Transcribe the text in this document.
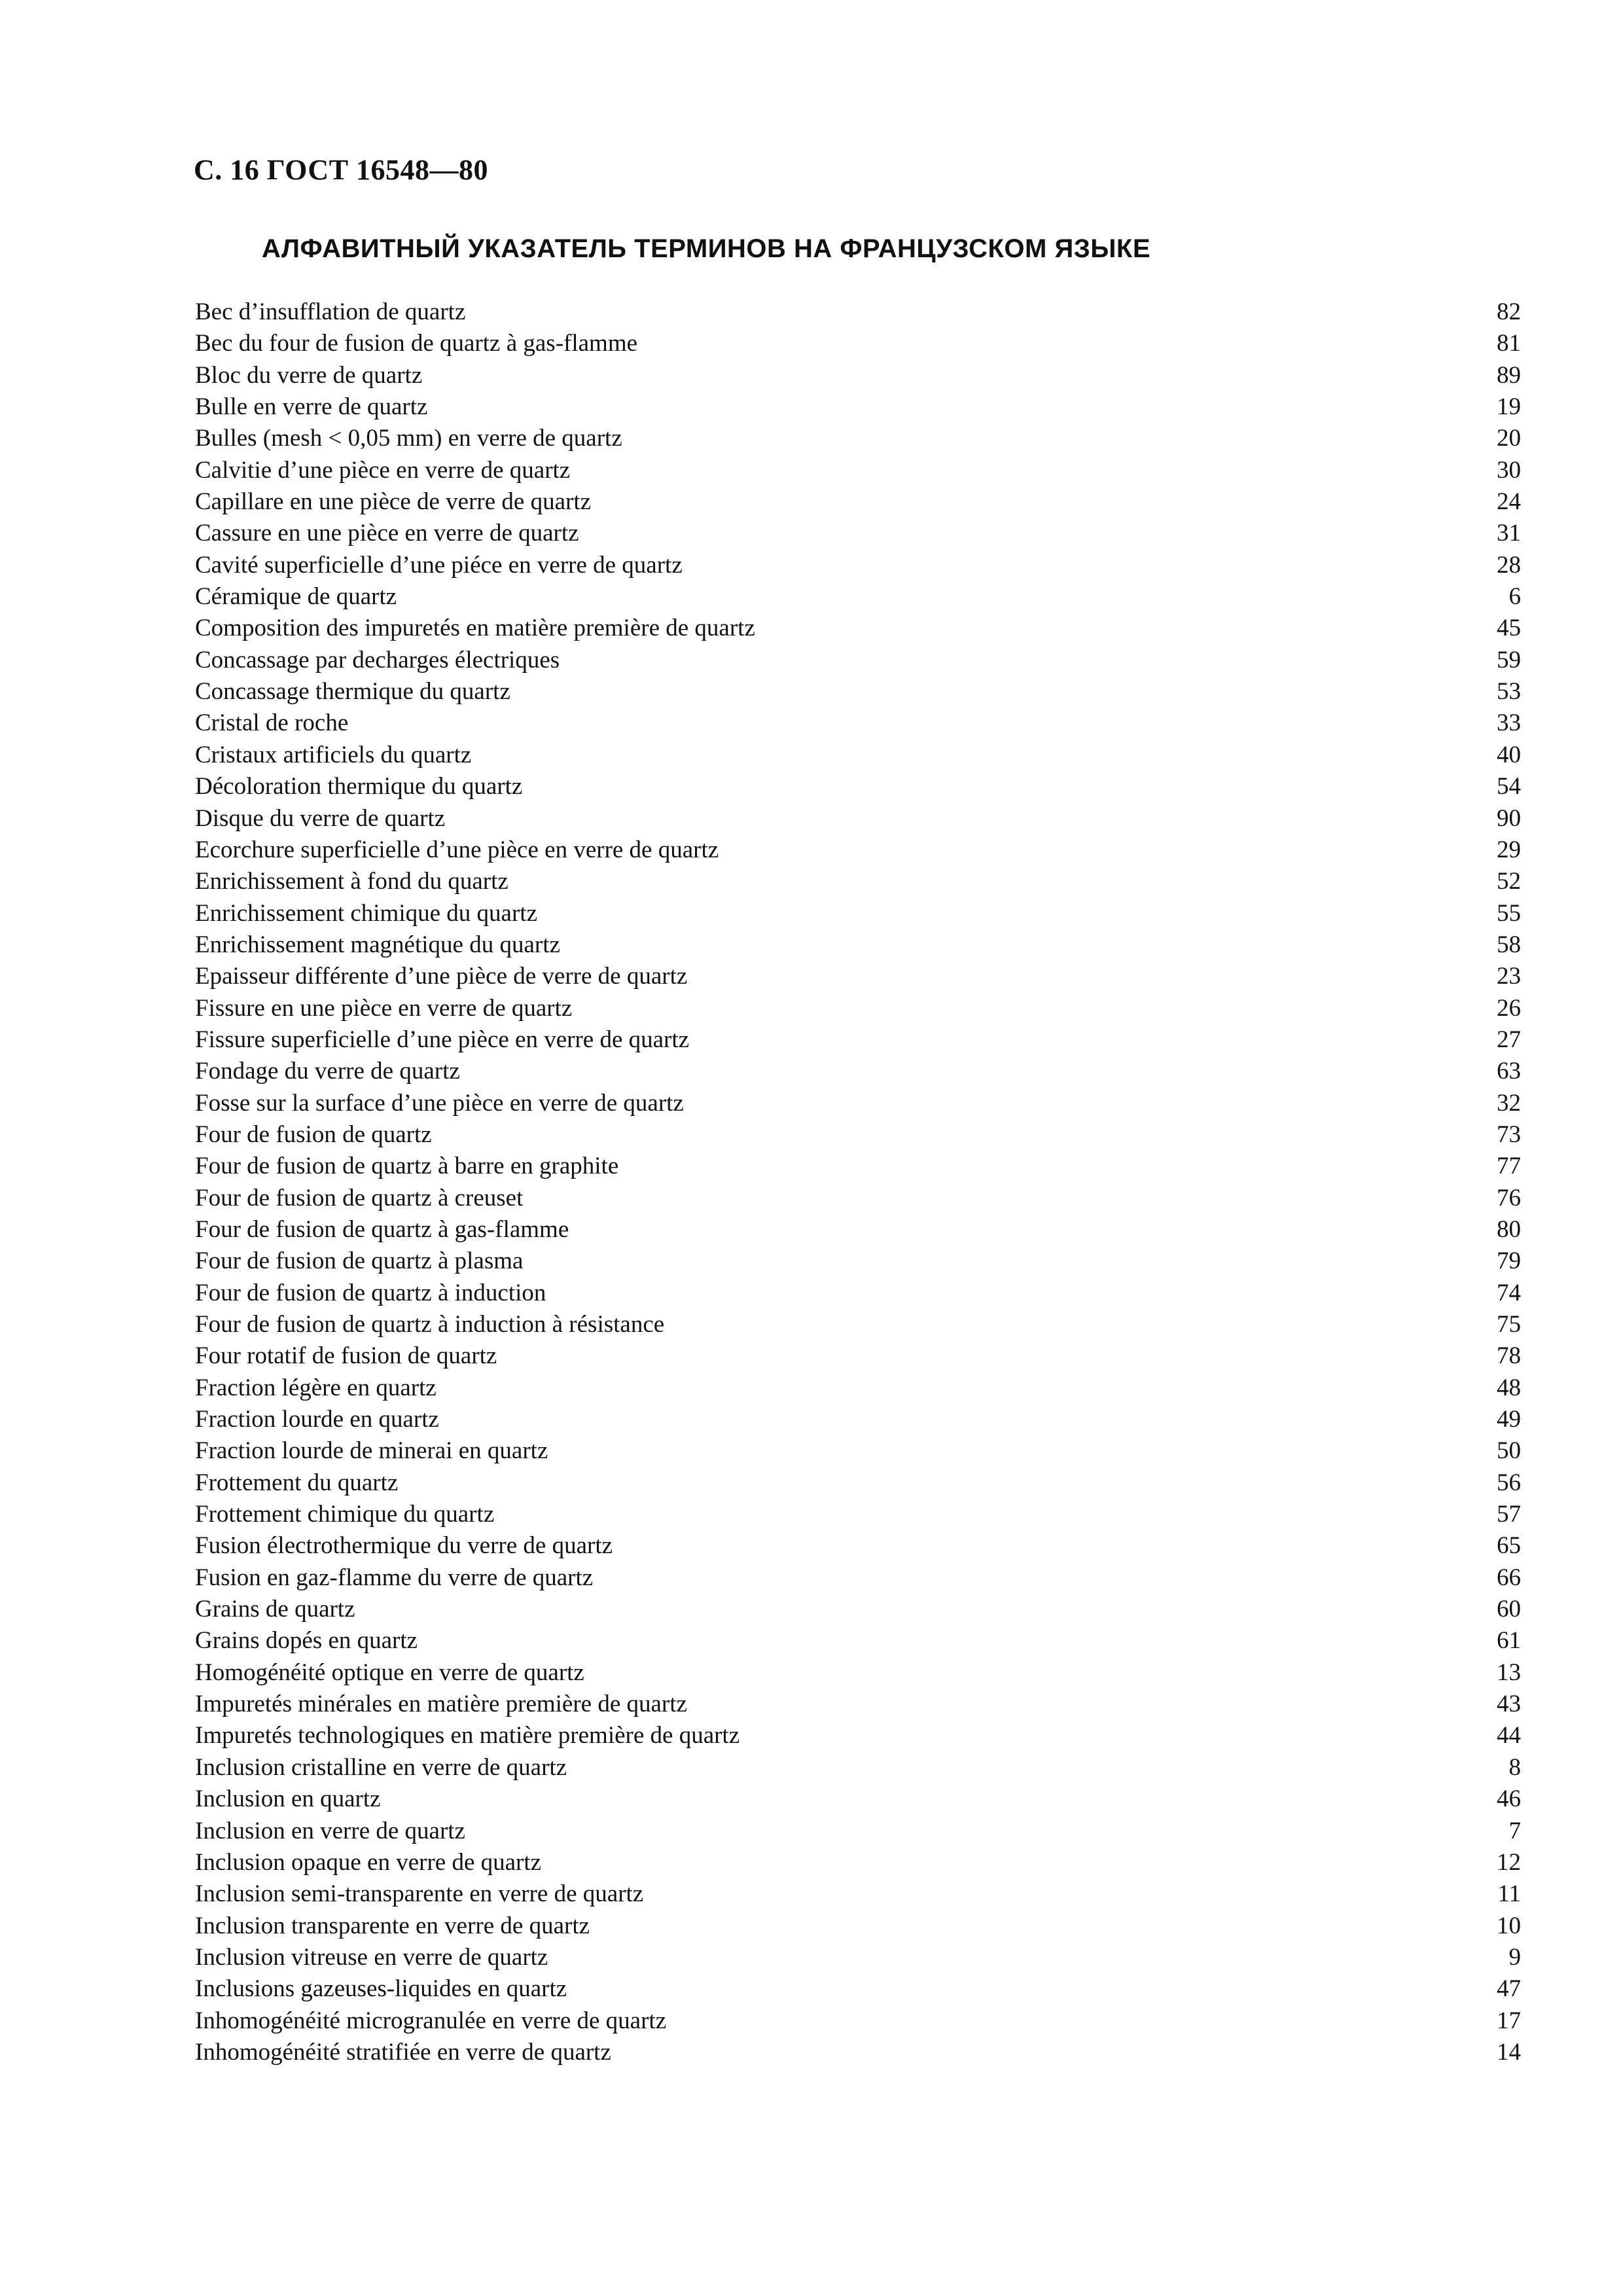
С. 16 ГОСТ 16548—80
АЛФАВИТНЫЙ УКАЗАТЕЛЬ ТЕРМИНОВ НА ФРАНЦУЗСКОМ ЯЗЫКЕ
Bec d’insufflation de quartz	82
Bec du four de fusion de quartz à gas-flamme	81
Bloc du verre de quartz	89
Bulle en verre de quartz	19
Bulles (mesh < 0,05 mm) en verre de quartz	20
Calvitie d’une pièce en verre de quartz	30
Capillare en une pièce de verre de quartz	24
Cassure en une pièce en verre de quartz	31
Cavité superficielle d’une piéce en verre de quartz	28
Céramique de quartz	6
Composition des impuretés en matière première de quartz	45
Concassage par decharges électriques	59
Concassage thermique du quartz	53
Cristal de roche	33
Cristaux artificiels du quartz	40
Décoloration thermique du quartz	54
Disque du verre de quartz	90
Ecorchure superficielle d’une pièce en verre de quartz	29
Enrichissement à fond du quartz	52
Enrichissement chimique du quartz	55
Enrichissement magnétique du quartz	58
Epaisseur différente d’une pièce de verre de quartz	23
Fissure en une pièce en verre de quartz	26
Fissure superficielle d’une pièce en verre de quartz	27
Fondage du verre de quartz	63
Fosse sur la surface d’une pièce en verre de quartz	32
Four de fusion de quartz	73
Four de fusion de quartz à barre en graphite	77
Four de fusion de quartz à creuset	76
Four de fusion de quartz à gas-flamme	80
Four de fusion de quartz à plasma	79
Four de fusion de quartz à induction	74
Four de fusion de quartz à induction à résistance	75
Four rotatif de fusion de quartz	78
Fraction légère en quartz	48
Fraction lourde en quartz	49
Fraction lourde de minerai en quartz	50
Frottement du quartz	56
Frottement chimique du quartz	57
Fusion électrothermique du verre de quartz	65
Fusion en gaz-flamme du verre de quartz	66
Grains de quartz	60
Grains dopés en quartz	61
Homogénéité optique en verre de quartz	13
Impuretés minérales en matière première de quartz	43
Impuretés technologiques en matière première de quartz	44
Inclusion cristalline en verre de quartz	8
Inclusion en quartz	46
Inclusion en verre de quartz	7
Inclusion opaque en verre de quartz	12
Inclusion semi-transparente en verre de quartz	11
Inclusion transparente en verre de quartz	10
Inclusion vitreuse en verre de quartz	9
Inclusions gazeuses-liquides en quartz	47
Inhomogénéité microgranulée en verre de quartz	17
Inhomogénéité stratifiée en verre de quartz	14
